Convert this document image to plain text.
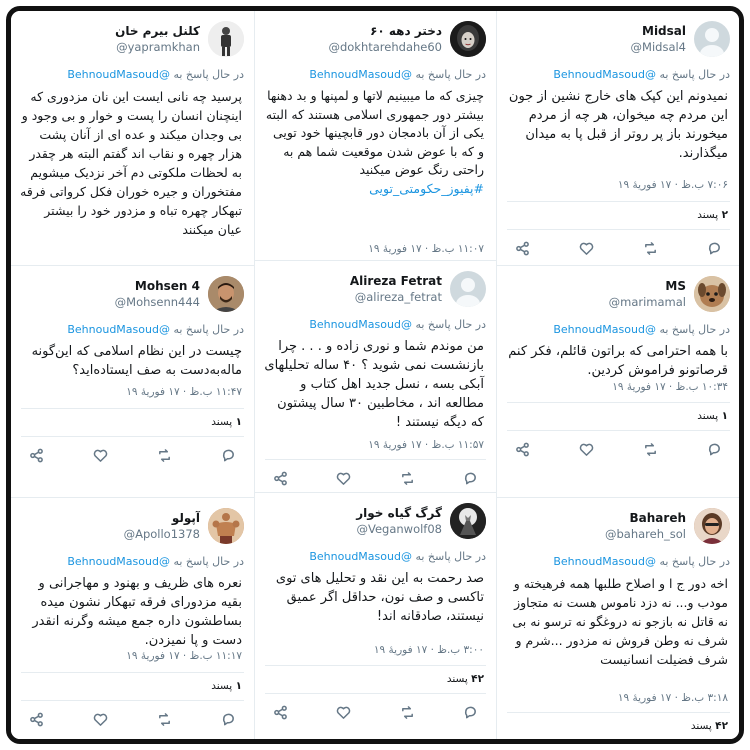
Midsal
@Midsal4
در حال پاسخ به @BehnoudMasoud
نمیدونم این کپک های خارج نشین از جون این مردم چه میخوان، هر چه از مردم میخورند باز پر روتر از قبل پا به میدان میگذارند.
۷:۰۶ ب.ظ · ۱۷ فوریهٔ ۱۹
۲ پسند
MS
@marimamal
در حال پاسخ به @BehnoudMasoud
با همه احترامی که براتون قائلم، فکر کنم قرصاتونو فراموش کردین.
۱۰:۳۴ ب.ظ · ۱۷ فوریهٔ ۱۹
۱ پسند
Bahareh
@bahareh_sol
در حال پاسخ به @BehnoudMasoud
اخه دور ج ا و اصلاح طلبها همه فرهیخته و مودب و... نه دزد ناموس هست نه متجاوز نه قاتل نه بازجو نه دروغگو نه ترسو نه بی شرف نه وطن فروش نه مزدور ...شرم و شرف فضیلت انسانیست
۳:۱۸ ب.ظ · ۱۷ فوریهٔ ۱۹
۴۲ پسند
دختر دهه ۶۰
@dokhtarehdahe60
در حال پاسخ به @BehnoudMasoud
چیزی که ما میبینیم لاتها و لمپنها و بد دهنها بیشتر دور جمهوری اسلامی هستند که البته یکی از آن بادمجان دور قابچینها خود تویی و که با عوض شدن موقعیت شما هم به راحتی رنگ عوض میکنید
#پفیوز_حکومتی_تویی
۱۱:۰۷ ب.ظ · ۱۷ فوریهٔ ۱۹
Alireza Fetrat
@alireza_fetrat
در حال پاسخ به @BehnoudMasoud
من موندم شما و نوری زاده و . . . چرا بازنشست نمی شوید ؟ ۴۰ ساله تحلیلهای آبکی بسه ، نسل جدید اهل کتاب و مطالعه اند ، مخاطبین ۳۰ سال پیشتون که دیگه نیستند !
۱۱:۵۷ ب.ظ · ۱۷ فوریهٔ ۱۹
گرگ گیاه خوار
@Veganwolf08
در حال پاسخ به @BehnoudMasoud
صد رحمت به این نقد و تحلیل های توی تاکسی و صف نون، حداقل اگر عمیق نیستند، صادقانه اند!
۳:۰۰ ب.ظ · ۱۷ فوریهٔ ۱۹
۴۲ پسند
کلنل بیرم خان
@yapramkhan
در حال پاسخ به @BehnoudMasoud
پرسید چه نانی ایست این نان مزدوری که اینچنان انسان را پست و خوار و بی وجود و بی وجدان میکند و عده ای از آنان پشت هزار چهره و نقاب اند گفتم البته هر چقدر به لحظات ملکوتی دم آخر نزدیک میشویم مفتخوران و جیره خوران فکل کرواتی فرقه تبهکار چهره تباه و مزدور خود را بیشتر عیان میکنند
Mohsen 4
@Mohsenn444
در حال پاسخ به @BehnoudMasoud
چیست در این نظام اسلامی که این‌گونه ماله‌به‌دست به صف ایستاده‌اید؟
۱۱:۴۷ ب.ظ · ۱۷ فوریهٔ ۱۹
۱ پسند
آپولو
@Apollo1378
در حال پاسخ به @BehnoudMasoud
نعره های ظریف و بهنود و مهاجرانی و بقیه مزدورای فرقه تبهکار نشون میده بساطشون داره جمع میشه وگرنه انقدر دست و پا نمیزدن.
۱۱:۱۷ ب.ظ · ۱۷ فوریهٔ ۱۹
۱ پسند
